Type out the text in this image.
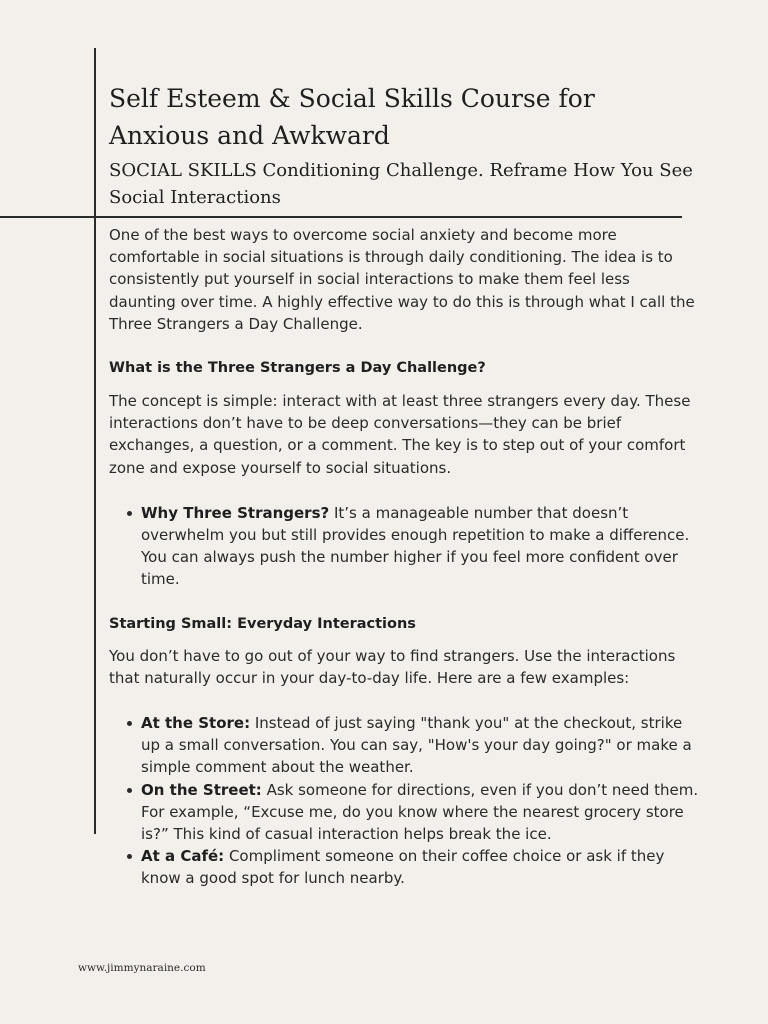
Self Esteem & Social Skills Course for Anxious and Awkward
SOCIAL SKILLS Conditioning Challenge. Reframe How You See Social Interactions

One of the best ways to overcome social anxiety and become more comfortable in social situations is through daily conditioning. The idea is to consistently put yourself in social interactions to make them feel less daunting over time. A highly effective way to do this is through what I call the Three Strangers a Day Challenge.

What is the Three Strangers a Day Challenge?

The concept is simple: interact with at least three strangers every day. These interactions don’t have to be deep conversations—they can be brief exchanges, a question, or a comment. The key is to step out of your comfort zone and expose yourself to social situations.

Why Three Strangers? It’s a manageable number that doesn’t overwhelm you but still provides enough repetition to make a difference. You can always push the number higher if you feel more confident over time.
Starting Small: Everyday Interactions

You don’t have to go out of your way to find strangers. Use the interactions that naturally occur in your day-to-day life. Here are a few examples:

At the Store: Instead of just saying "thank you" at the checkout, strike up a small conversation. You can say, "How's your day going?" or make a simple comment about the weather.
On the Street: Ask someone for directions, even if you don’t need them. For example, “Excuse me, do you know where the nearest grocery store is?” This kind of casual interaction helps break the ice.
At a Café: Compliment someone on their coffee choice or ask if they know a good spot for lunch nearby.
www.jimmynaraine.com
